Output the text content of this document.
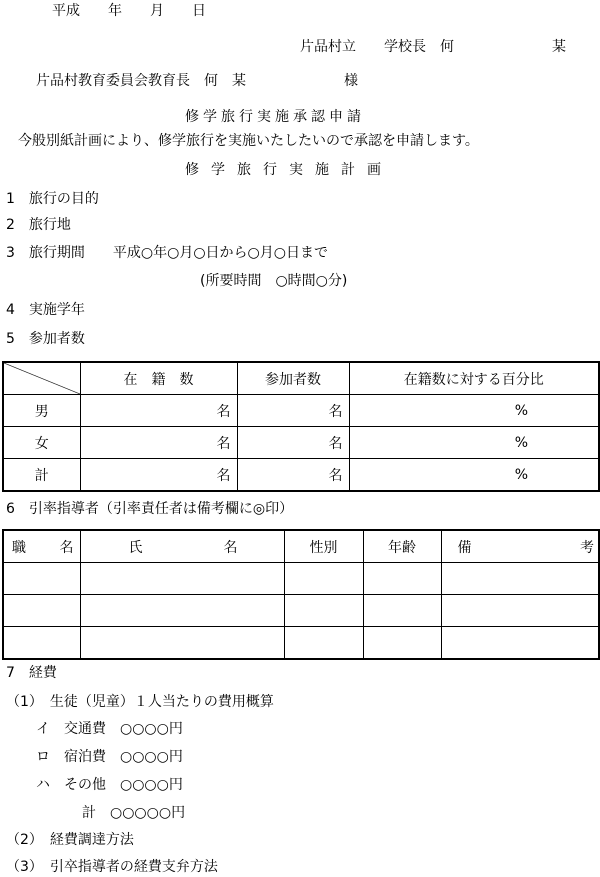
平成　　年　　月　　日
片品村立　　学校長　何　　　　　　　某
片品村教育委員会教育長　何　某　　　　　　　様
修学旅行実施承認申請
今般別紙計画により、修学旅行を実施いたしたいので承認を申請します。
修学旅行実施計画
1　旅行の目的
2　旅行地
3　旅行期間　　平成○年○月○日から○月○日まで
(所要時間　○時間○分)
4　実施学年
5　参加者数
	在　籍　数	参加者数	在籍数に対する百分比
男	名	名	%
女	名	名	%
計	名	名	%
6　引率指導者（引率責任者は備考欄に◎印）
職 名	氏 名	性別	年齢	備 考

7　経費
（1）　生徒（児童）１人当たりの費用概算
イ　交通費　○○○○円
ロ　宿泊費　○○○○円
ハ　その他　○○○○円
計　○○○○○円
（2）　経費調達方法
（3）　引卒指導者の経費支弁方法
